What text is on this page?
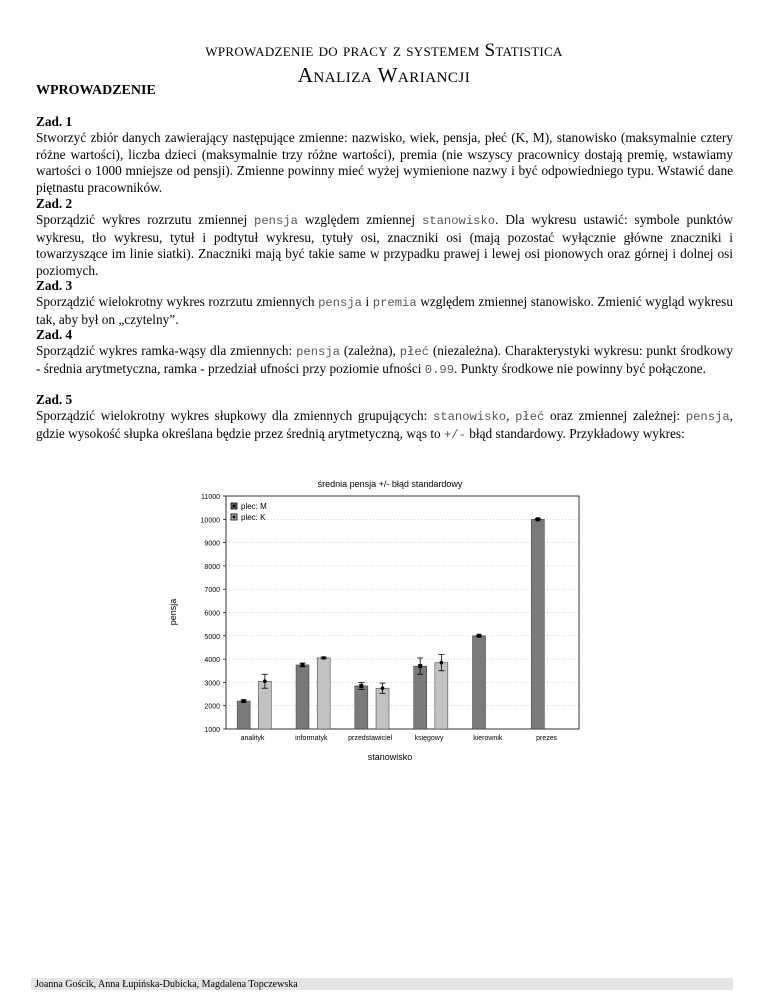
wprowadzenie do pracy z systemem Statistica
Analiza Wariancji
WPROWADZENIE
Zad. 1

Stworzyć zbiór danych zawierający następujące zmienne: nazwisko, wiek, pensja, płeć (K, M), stanowisko (maksymalnie cztery różne wartości), liczba dzieci (maksymalnie trzy różne wartości), premia (nie wszyscy pracownicy dostają premię, wstawiamy wartości o 1000 mniejsze od pensji). Zmienne powinny mieć wyżej wymienione nazwy i być odpowiedniego typu. Wstawić dane piętnastu pracowników.

Zad. 2

Sporządzić wykres rozrzutu zmiennej pensja względem zmiennej stanowisko. Dla wykresu ustawić: symbole punktów wykresu, tło wykresu, tytuł i podtytuł wykresu, tytuły osi, znaczniki osi (mają pozostać wyłącznie główne znaczniki i towarzyszące im linie siatki). Znaczniki mają być takie same w przypadku prawej i lewej osi pionowych oraz górnej i dolnej osi poziomych.

Zad. 3

Sporządzić wielokrotny wykres rozrzutu zmiennych pensja i premia względem zmiennej stanowisko. Zmienić wygląd wykresu tak, aby był on „czytelny”.

Zad. 4

Sporządzić wykres ramka-wąsy dla zmiennych: pensja (zależna), płeć (niezależna). Charakterystyki wykresu: punkt środkowy - średnia arytmetyczna, ramka - przedział ufności przy poziomie ufności 0.99. Punkty środkowe nie powinny być połączone.

Zad. 5

Sporządzić wielokrotny wykres słupkowy dla zmiennych grupujących: stanowisko, płeć oraz zmiennej zależnej: pensja, gdzie wysokość słupka określana będzie przez średnią arytmetyczną, wąs to +/- błąd standardowy. Przykładowy wykres:

średnia pensja +/- błąd standardowy
1000
2000
3000
4000
5000
6000
7000
8000
9000
10000
11000
analityk	informatyk	przedstawiciel	księgowy	kierownik	prezes
pensja
stanowisko
plec: M
plec: K
Joanna Gościk, Anna Łupińska-Dubicka, Magdalena Topczewska
